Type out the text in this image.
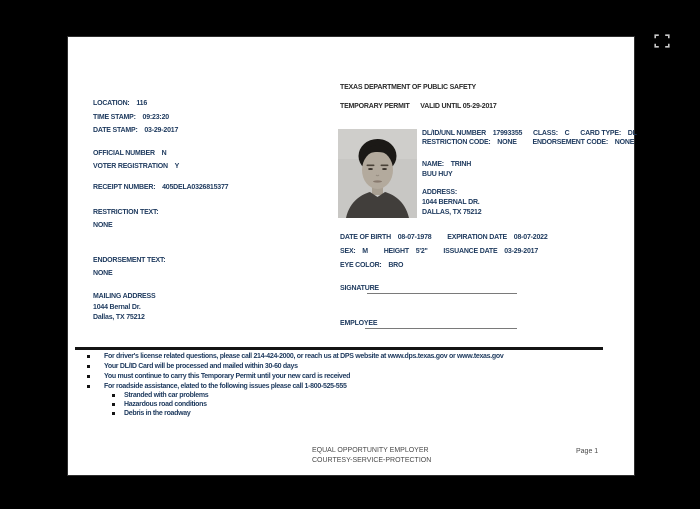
TEXAS DEPARTMENT OF PUBLIC SAFETY
TEMPORARY PERMIT VALID UNTIL 05-29-2017
LOCATION: 116
TIME STAMP: 09:23:20
DATE STAMP: 03-29-2017
OFFICIAL NUMBER N
VOTER REGISTRATION Y
RECEIPT NUMBER: 405DELA0326815377
RESTRICTION TEXT:
NONE
ENDORSEMENT TEXT:
NONE
MAILING ADDRESS
1044 Bernal Dr.
Dallas, TX 75212
DL/ID/UNL NUMBER 17993355 CLASS: C CARD TYPE: DL
RESTRICTION CODE: NONE ENDORSEMENT CODE: NONE
NAME: TRINH
BUU HUY
ADDRESS:
1044 BERNAL DR.
DALLAS, TX 75212
DATE OF BIRTH 08-07-1978 EXPIRATION DATE 08-07-2022
SEX: M HEIGHT 5'2" ISSUANCE DATE 03-29-2017
EYE COLOR: BRO
SIGNATURE
EMPLOYEE
For driver's license related questions, please call 214-424-2000, or reach us at DPS website at www.dps.texas.gov or www.texas.gov
Your DL/ID Card will be processed and mailed within 30-60 days
You must continue to carry this Temporary Permit until your new card is received
For roadside assistance, elated to the following issues please call 1-800-525-555
Stranded with car problems
Hazardous road conditions
Debris in the roadway
EQUAL OPPORTUNITY EMPLOYER
COURTESY-SERVICE-PROTECTION
Page 1
